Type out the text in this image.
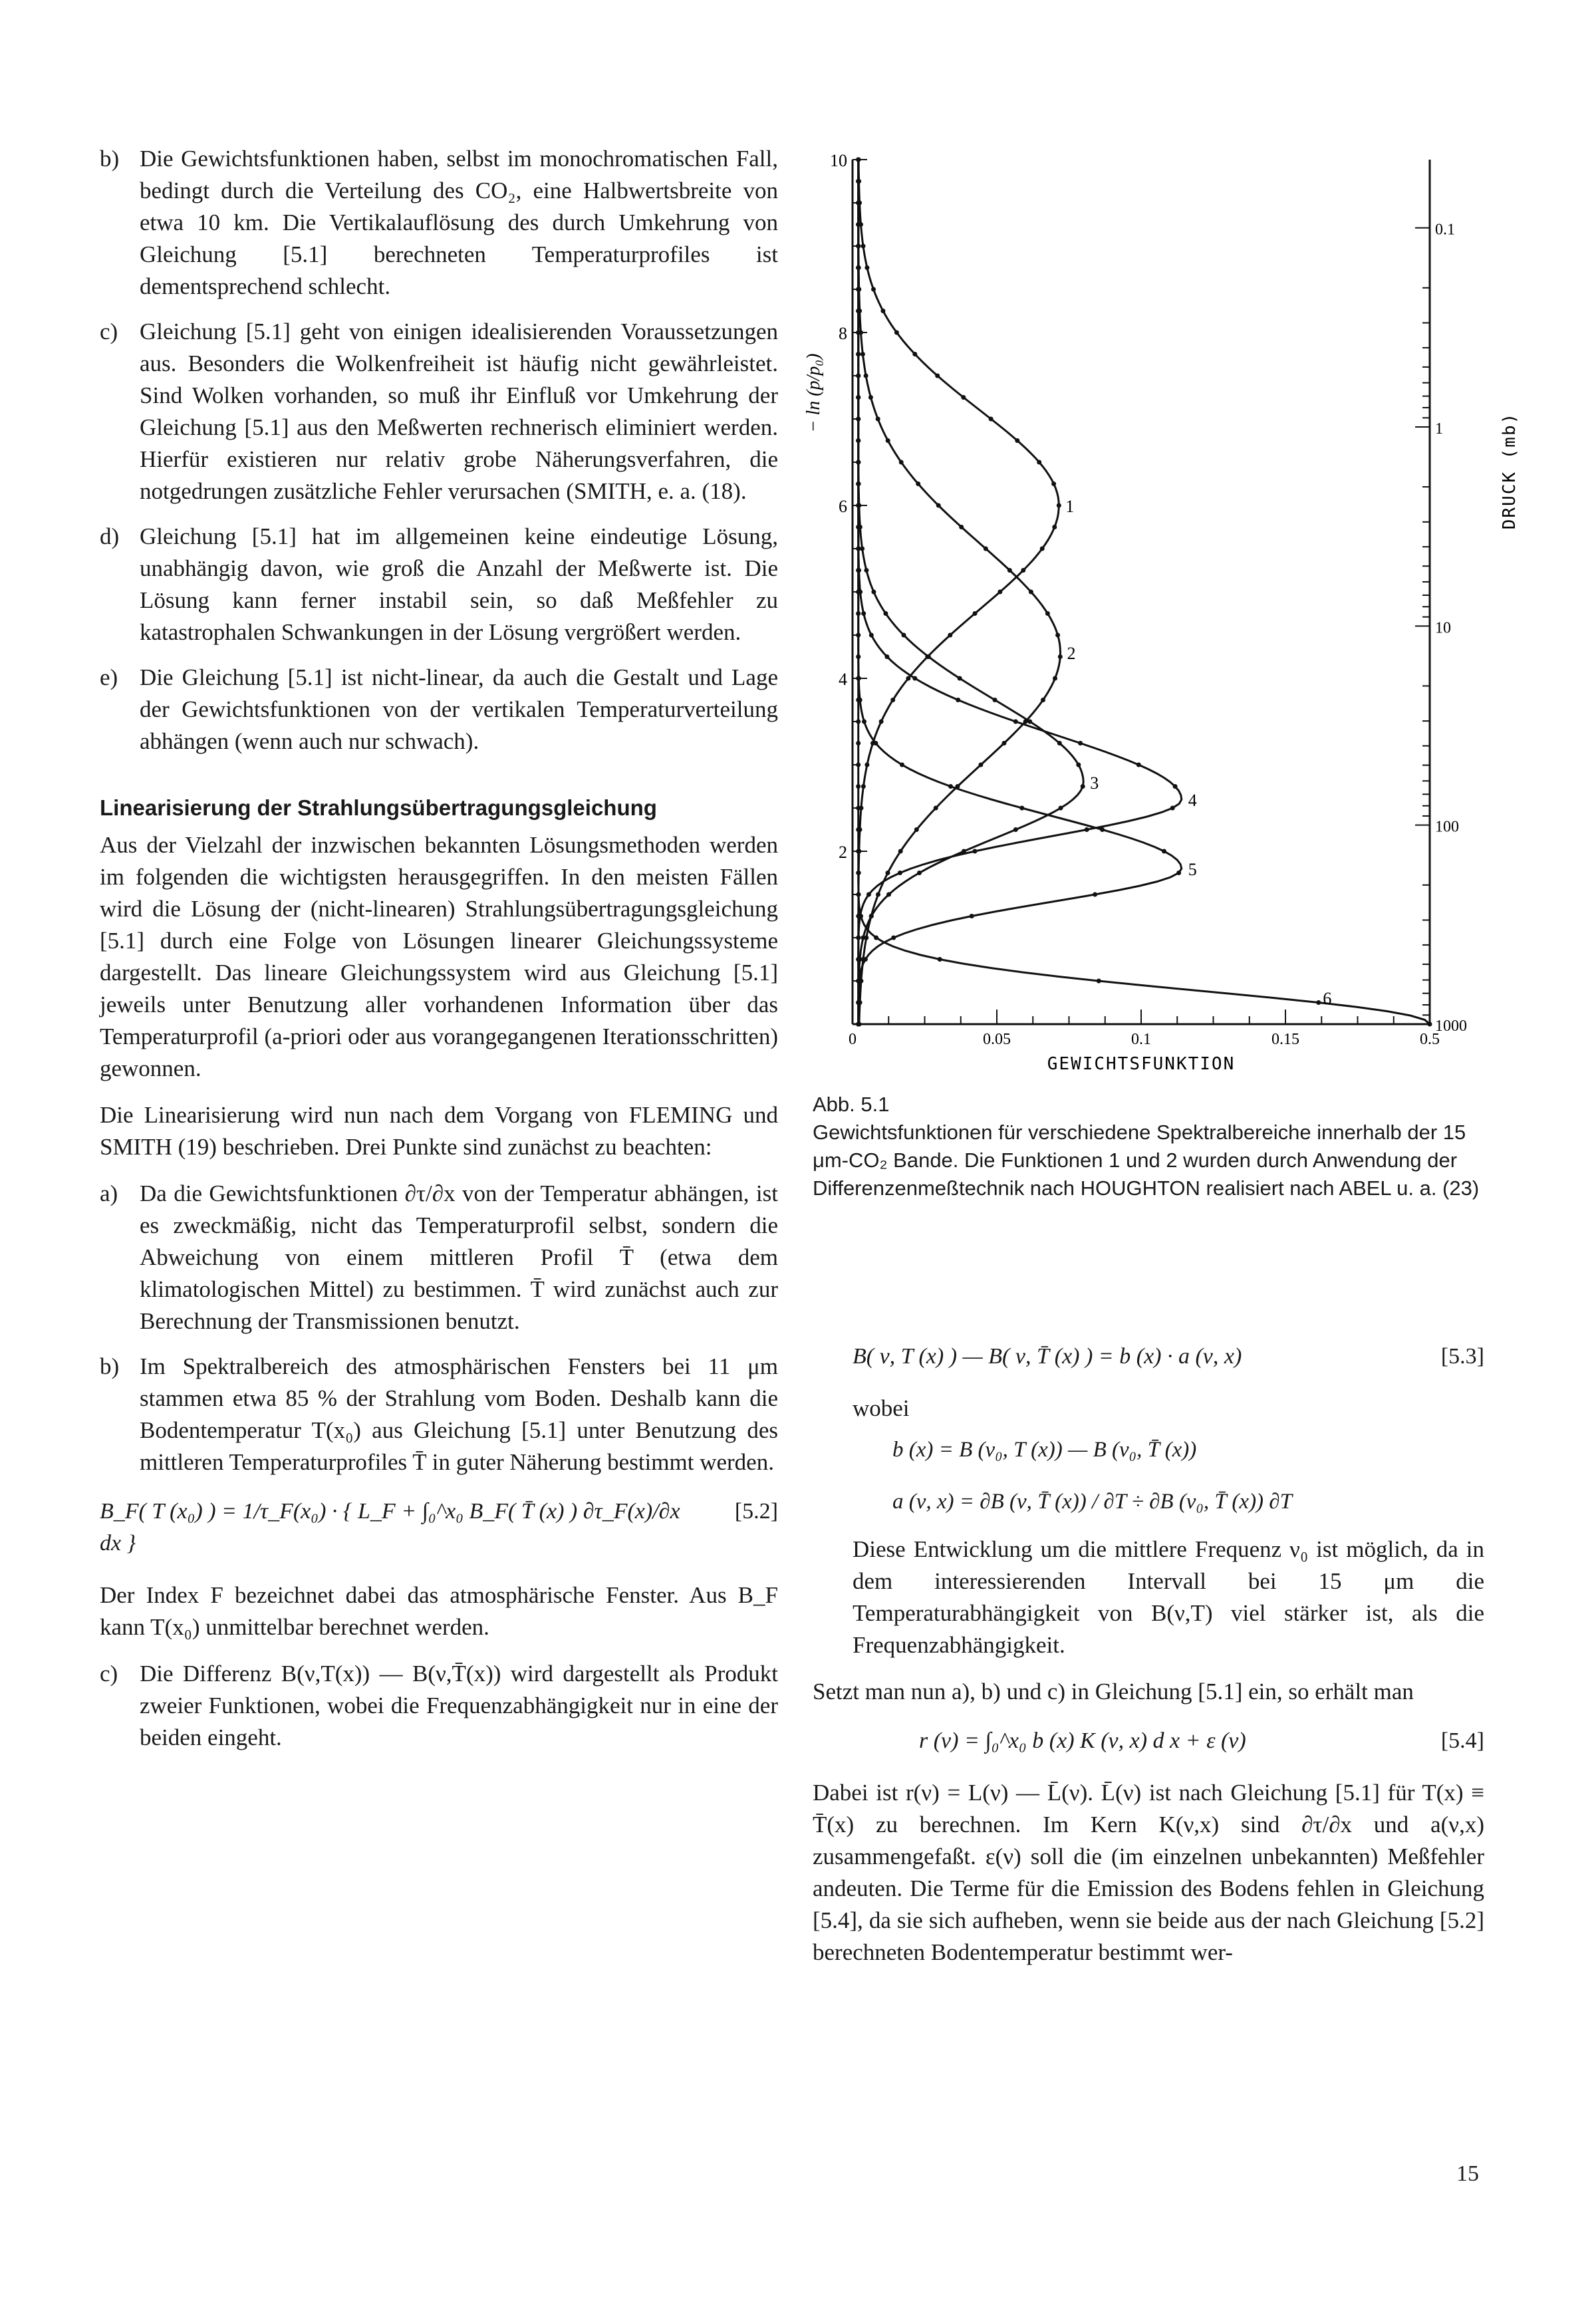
b) Die Gewichtsfunktionen haben, selbst im monochromatischen Fall, bedingt durch die Verteilung des CO₂, eine Halbwertsbreite von etwa 10 km. Die Vertikalauflösung des durch Umkehrung von Gleichung [5.1] berechneten Temperaturprofiles ist dementsprechend schlecht.
c) Gleichung [5.1] geht von einigen idealisierenden Voraussetzungen aus. Besonders die Wolkenfreiheit ist häufig nicht gewährleistet. Sind Wolken vorhanden, so muß ihr Einfluß vor Umkehrung der Gleichung [5.1] aus den Meßwerten rechnerisch eliminiert werden. Hierfür existieren nur relativ grobe Näherungsverfahren, die notgedrungen zusätzliche Fehler verursachen (SMITH, e. a. (18).
d) Gleichung [5.1] hat im allgemeinen keine eindeutige Lösung, unabhängig davon, wie groß die Anzahl der Meßwerte ist. Die Lösung kann ferner instabil sein, so daß Meßfehler zu katastrophalen Schwankungen in der Lösung vergrößert werden.
e) Die Gleichung [5.1] ist nicht-linear, da auch die Gestalt und Lage der Gewichtsfunktionen von der vertikalen Temperaturverteilung abhängen (wenn auch nur schwach).
Linearisierung der Strahlungsübertragungsgleichung

Aus der Vielzahl der inzwischen bekannten Lösungsmethoden werden im folgenden die wichtigsten herausgegriffen. In den meisten Fällen wird die Lösung der (nicht-linearen) Strahlungsübertragungsgleichung [5.1] durch eine Folge von Lösungen linearer Gleichungssysteme dargestellt. Das lineare Gleichungssystem wird aus Gleichung [5.1] jeweils unter Benutzung aller vorhandenen Information über das Temperaturprofil (a-priori oder aus vorangegangenen Iterationsschritten) gewonnen.

Die Linearisierung wird nun nach dem Vorgang von FLEMING und SMITH (19) beschrieben. Drei Punkte sind zunächst zu beachten:

a) Da die Gewichtsfunktionen ∂τ/∂x von der Temperatur abhängen, ist es zweckmäßig, nicht das Temperaturprofil selbst, sondern die Abweichung von einem mittleren Profil T̄ (etwa dem klimatologischen Mittel) zu bestimmen. T̄ wird zunächst auch zur Berechnung der Transmissionen benutzt.
b) Im Spektralbereich des atmosphärischen Fensters bei 11 μm stammen etwa 85 % der Strahlung vom Boden. Deshalb kann die Bodentemperatur T(x₀) aus Gleichung [5.1] unter Benutzung des mittleren Temperaturprofiles T̄ in guter Näherung bestimmt werden.
B_F( T (x₀) ) = 1/τ_F(x₀) · { L_F + ∫₀^x₀ B_F( T̄ (x) ) ∂τ_F(x)/∂x dx }
[5.2]

Der Index F bezeichnet dabei das atmosphärische Fenster. Aus B_F kann T(x₀) unmittelbar berechnet werden.

c) Die Differenz B(ν,T(x)) — B(ν,T̄(x)) wird dargestellt als Produkt zweier Funktionen, wobei die Frequenzabhängigkeit nur in eine der beiden eingeht.
2
4
6
8
10
0	0.05	0.1	0.15	0.5
0.1
1
10
100
1000
GEWICHTSFUNKTION
− ln (p/p₀)
DRUCK (mb)
1
2
3
4
5
6
Abb. 5.1
Gewichtsfunktionen für verschiedene Spektralbereiche innerhalb der 15 μm-CO₂ Bande. Die Funktionen 1 und 2 wurden durch Anwendung der Differenzenmeßtechnik nach HOUGHTON realisiert nach ABEL u. a. (23)
B( ν, T (x) ) — B( ν, T̄ (x) ) = b (x) · a (ν, x)	[5.3]
wobei
b (x) = B (ν₀, T (x)) — B (ν₀, T̄ (x))
a (ν, x) = ∂B (ν, T̄ (x)) / ∂T ÷ ∂B (ν₀, T̄ (x)) ∂T

Diese Entwicklung um die mittlere Frequenz ν₀ ist möglich, da in dem interessierenden Intervall bei 15 μm die Temperaturabhängigkeit von B(ν,T) viel stärker ist, als die Frequenzabhängigkeit.

Setzt man nun a), b) und c) in Gleichung [5.1] ein, so erhält man

r (ν) = ∫₀^x₀ b (x) K (ν, x) d x + ε (ν)	[5.4]

Dabei ist r(ν) = L(ν) — L̄(ν). L̄(ν) ist nach Gleichung [5.1] für T(x) ≡ T̄(x) zu berechnen. Im Kern K(ν,x) sind ∂τ/∂x und a(ν,x) zusammengefaßt. ε(ν) soll die (im einzelnen unbekannten) Meßfehler andeuten. Die Terme für die Emission des Bodens fehlen in Gleichung [5.4], da sie sich aufheben, wenn sie beide aus der nach Gleichung [5.2] berechneten Bodentemperatur bestimmt wer-

15
